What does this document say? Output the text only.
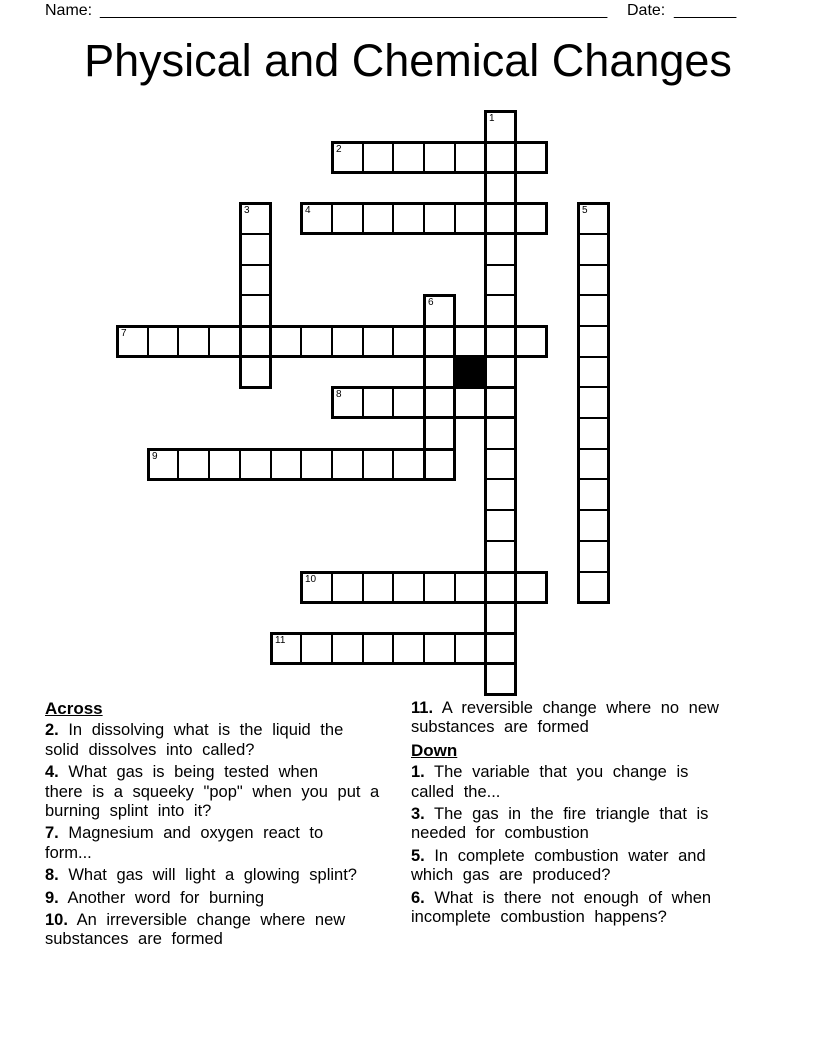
Name: _________________________________________________________ Date: _______
Physical and Chemical Changes
1
2
3	4	5
6
7
8
9
10
11
Across

2. In dissolving what is the liquid the
solid dissolves into called?

4. What gas is being tested when
there is a squeeky "pop" when you put a
burning splint into it?

7. Magnesium and oxygen react to
form...

8. What gas will light a glowing splint?

9. Another word for burning

10. An irreversible change where new
substances are formed

11. A reversible change where no new
substances are formed

Down

1. The variable that you change is
called the...

3. The gas in the fire triangle that is
needed for combustion

5. In complete combustion water and
which gas are produced?

6. What is there not enough of when
incomplete combustion happens?
